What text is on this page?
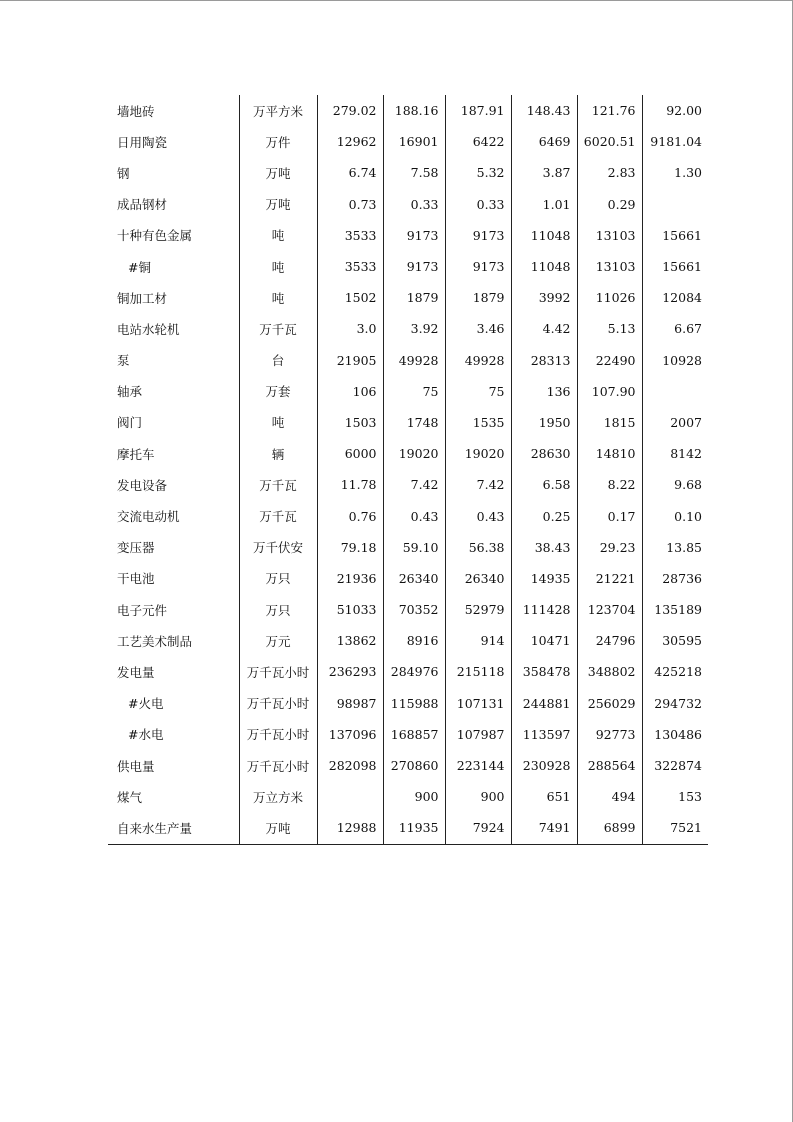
墙地砖	万平方米	279.02	188.16	187.91	148.43	121.76	92.00
日用陶瓷	万件	12962	16901	6422	6469	6020.51	9181.04
钢	万吨	6.74	7.58	5.32	3.87	2.83	1.30
成品钢材	万吨	0.73	0.33	0.33	1.01	0.29	
十种有色金属	吨	3533	9173	9173	11048	13103	15661
#铜	吨	3533	9173	9173	11048	13103	15661
铜加工材	吨	1502	1879	1879	3992	11026	12084
电站水轮机	万千瓦	3.0	3.92	3.46	4.42	5.13	6.67
泵	台	21905	49928	49928	28313	22490	10928
轴承	万套	106	75	75	136	107.90	
阀门	吨	1503	1748	1535	1950	1815	2007
摩托车	辆	6000	19020	19020	28630	14810	8142
发电设备	万千瓦	11.78	7.42	7.42	6.58	8.22	9.68
交流电动机	万千瓦	0.76	0.43	0.43	0.25	0.17	0.10
变压器	万千伏安	79.18	59.10	56.38	38.43	29.23	13.85
干电池	万只	21936	26340	26340	14935	21221	28736
电子元件	万只	51033	70352	52979	111428	123704	135189
工艺美术制品	万元	13862	8916	914	10471	24796	30595
发电量	万千瓦小时	236293	284976	215118	358478	348802	425218
#火电	万千瓦小时	98987	115988	107131	244881	256029	294732
#水电	万千瓦小时	137096	168857	107987	113597	92773	130486
供电量	万千瓦小时	282098	270860	223144	230928	288564	322874
煤气	万立方米		900	900	651	494	153
自来水生产量	万吨	12988	11935	7924	7491	6899	7521
